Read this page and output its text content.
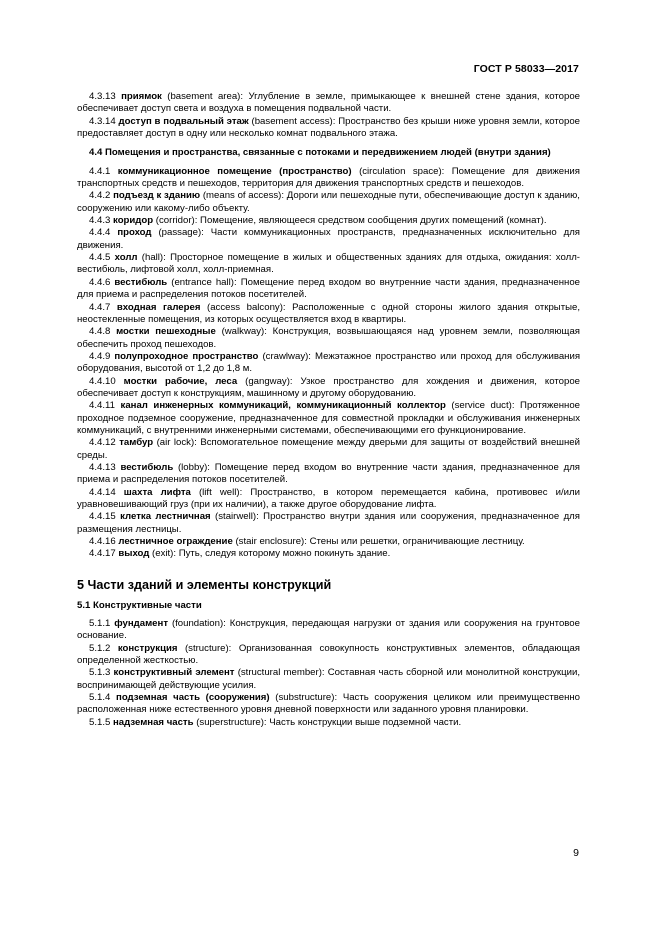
ГОСТ Р 58033—2017

4.3.13 приямок (basement area): Углубление в земле, примыкающее к внешней стене здания, которое обеспечивает доступ света и воздуха в помещения подвальной части.

4.3.14 доступ в подвальный этаж (basement access): Пространство без крыши ниже уровня земли, которое предоставляет доступ в одну или несколько комнат подвального этажа.

4.4 Помещения и пространства, связанные с потоками и передвижением людей (внутри здания)

4.4.1 коммуникационное помещение (пространство) (circulation space): Помещение для движения транспортных средств и пешеходов, территория для движения транспортных средств и пешеходов.

4.4.2 подъезд к зданию (means of access): Дороги или пешеходные пути, обеспечивающие доступ к зданию, сооружению или какому-либо объекту.

4.4.3 коридор (corridor): Помещение, являющееся средством сообщения других помещений (комнат).

4.4.4 проход (passage): Части коммуникационных пространств, предназначенных исключительно для движения.

4.4.5 холл (hall): Просторное помещение в жилых и общественных зданиях для отдыха, ожидания: холл-вестибюль, лифтовой холл, холл-приемная.

4.4.6 вестибюль (entrance hall): Помещение перед входом во внутренние части здания, предназначенное для приема и распределения потоков посетителей.

4.4.7 входная галерея (access balcony): Расположенные с одной стороны жилого здания открытые, неостекленные помещения, из которых осуществляется вход в квартиры.

4.4.8 мостки пешеходные (walkway): Конструкция, возвышающаяся над уровнем земли, позволяющая обеспечить проход пешеходов.

4.4.9 полупроходное пространство (crawlway): Межэтажное пространство или проход для обслуживания оборудования, высотой от 1,2 до 1,8 м.

4.4.10 мостки рабочие, леса (gangway): Узкое пространство для хождения и движения, которое обеспечивает доступ к конструкциям, машинному и другому оборудованию.

4.4.11 канал инженерных коммуникаций, коммуникационный коллектор (service duct): Протяженное проходное подземное сооружение, предназначенное для совместной прокладки и обслуживания инженерных коммуникаций, с внутренними инженерными системами, обеспечивающими его функционирование.

4.4.12 тамбур (air lock): Вспомогательное помещение между дверьми для защиты от воздействий внешней среды.

4.4.13 вестибюль (lobby): Помещение перед входом во внутренние части здания, предназначенное для приема и распределения потоков посетителей.

4.4.14 шахта лифта (lift well): Пространство, в котором перемещается кабина, противовес и/или уравновешивающий груз (при их наличии), а также другое оборудование лифта.

4.4.15 клетка лестничная (stairwell): Пространство внутри здания или сооружения, предназначенное для размещения лестницы.

4.4.16 лестничное ограждение (stair enclosure): Стены или решетки, ограничивающие лестницу.

4.4.17 выход (exit): Путь, следуя которому можно покинуть здание.

5 Части зданий и элементы конструкций
5.1 Конструктивные части

5.1.1 фундамент (foundation): Конструкция, передающая нагрузки от здания или сооружения на грунтовое основание.

5.1.2 конструкция (structure): Организованная совокупность конструктивных элементов, обладающая определенной жесткостью.

5.1.3 конструктивный элемент (structural member): Составная часть сборной или монолитной конструкции, воспринимающей действующие усилия.

5.1.4 подземная часть (сооружения) (substructure): Часть сооружения целиком или преимущественно расположенная ниже естественного уровня дневной поверхности или заданного уровня планировки.

5.1.5 надземная часть (superstructure): Часть конструкции выше подземной части.

9
